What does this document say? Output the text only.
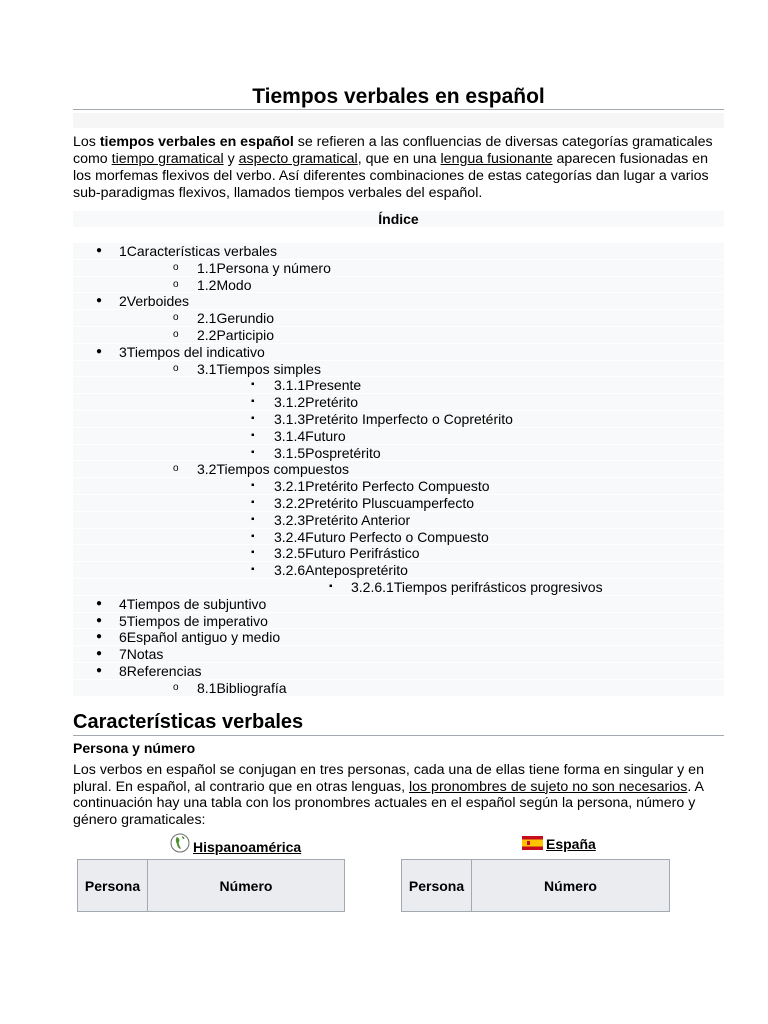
Tiempos verbales en español

Los tiempos verbales en español se refieren a las confluencias de diversas categorías gramaticales como tiempo gramatical y aspecto gramatical, que en una lengua fusionante aparecen fusionadas en los morfemas flexivos del verbo. Así diferentes combinaciones de estas categorías dan lugar a varios sub-paradigmas flexivos, llamados tiempos verbales del español.

Índice
● 1Características verbales
o 1.1Persona y número
o 1.2Modo
● 2Verboides
o 2.1Gerundio
o 2.2Participio
● 3Tiempos del indicativo
o 3.1Tiempos simples
▪ 3.1.1Presente
▪ 3.1.2Pretérito
▪ 3.1.3Pretérito Imperfecto o Copretérito
▪ 3.1.4Futuro
▪ 3.1.5Pospretérito
o 3.2Tiempos compuestos
▪ 3.2.1Pretérito Perfecto Compuesto
▪ 3.2.2Pretérito Pluscuamperfecto
▪ 3.2.3Pretérito Anterior
▪ 3.2.4Futuro Perfecto o Compuesto
▪ 3.2.5Futuro Perifrástico
▪ 3.2.6Antepospretérito
▪ 3.2.6.1Tiempos perifrásticos progresivos
● 4Tiempos de subjuntivo
● 5Tiempos de imperativo
● 6Español antiguo y medio
● 7Notas
● 8Referencias
o 8.1Bibliografía
Características verbales
Persona y número

Los verbos en español se conjugan en tres personas, cada una de ellas tiene forma en singular y en plural. En español, al contrario que en otras lenguas, los pronombres de sujeto no son necesarios. A continuación hay una tabla con los pronombres actuales en el español según la persona, número y género gramaticales:

Hispanoamérica
Persona	Número
España
Persona	Número
